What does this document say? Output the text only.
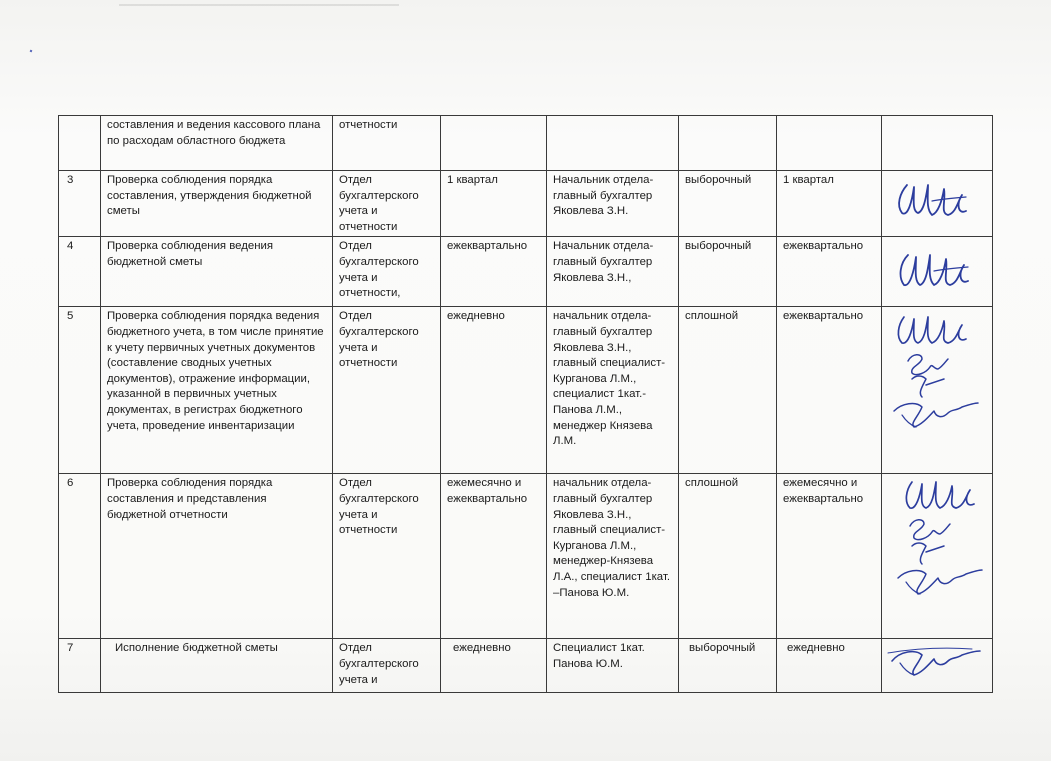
	составления и ведения кассового плана по расходам областного бюджета	отчетности					
3	Проверка соблюдения порядка составления, утверждения бюджетной сметы	Отдел бухгалтерского учета и отчетности	1 квартал	Начальник отдела-главный бухгалтер Яковлева З.Н.	выборочный	1 квартал	

4	Проверка соблюдения ведения бюджетной сметы	Отдел бухгалтерского учета и отчетности,	ежеквартально	Начальник отдела-главный бухгалтер Яковлева З.Н.,	выборочный	ежеквартально	

5	Проверка соблюдения порядка ведения бюджетного учета, в том числе принятие к учету первичных учетных документов (составление сводных учетных документов), отражение информации, указанной в первичных учетных документах, в регистрах бюджетного учета, проведение инвентаризации	Отдел бухгалтерского учета и отчетности	ежедневно	начальник отдела-главный бухгалтер Яковлева З.Н., главный специалист-Курганова Л.М., специалист 1кат.-Панова Л.М., менеджер Князева Л.М.	сплошной	ежеквартально	

6	Проверка соблюдения порядка составления и представления бюджетной отчетности	Отдел бухгалтерского учета и отчетности	ежемесячно и ежеквартально	начальник отдела-главный бухгалтер Яковлева З.Н., главный специалист-Курганова Л.М., менеджер-Князева Л.А., специалист 1кат. –Панова Ю.М.	сплошной	ежемесячно и ежеквартально	

7	Исполнение бюджетной сметы	Отдел бухгалтерского учета и	ежедневно	Специалист 1кат. Панова Ю.М.	выборочный	ежедневно	
